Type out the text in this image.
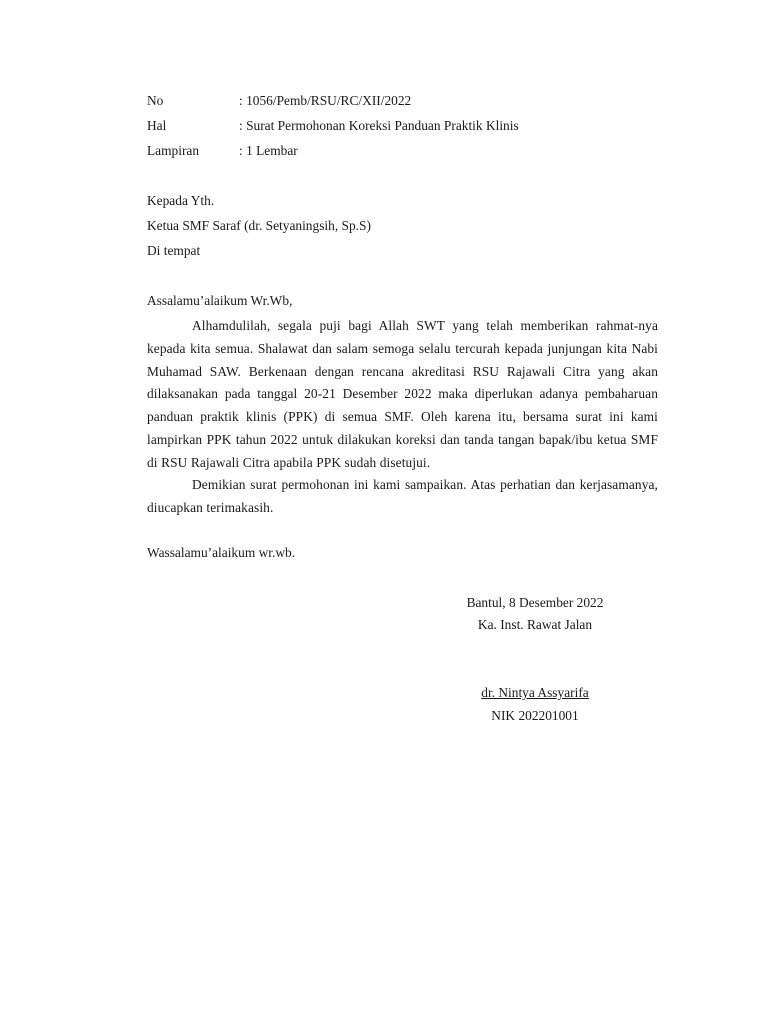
No	: 1056/Pemb/RSU/RC/XII/2022
Hal	: Surat Permohonan Koreksi Panduan Praktik Klinis
Lampiran	: 1 Lembar
Kepada Yth.
Ketua SMF Saraf (dr. Setyaningsih, Sp.S)
Di tempat
Assalamu’alaikum Wr.Wb,

Alhamdulilah, segala puji bagi Allah SWT yang telah memberikan rahmat-nya kepada kita semua. Shalawat dan salam semoga selalu tercurah kepada junjungan kita Nabi Muhamad SAW. Berkenaan dengan rencana akreditasi RSU Rajawali Citra yang akan dilaksanakan pada tanggal 20-21 Desember 2022 maka diperlukan adanya pembaharuan panduan praktik klinis (PPK) di semua SMF. Oleh karena itu, bersama surat ini kami lampirkan PPK tahun 2022 untuk dilakukan koreksi dan tanda tangan bapak/ibu ketua SMF di RSU Rajawali Citra apabila PPK sudah disetujui.

Demikian surat permohonan ini kami sampaikan. Atas perhatian dan kerjasamanya, diucapkan terimakasih.

Wassalamu’alaikum wr.wb.
Bantul, 8 Desember 2022
Ka. Inst. Rawat Jalan
dr. Nintya Assyarifa
NIK 202201001
